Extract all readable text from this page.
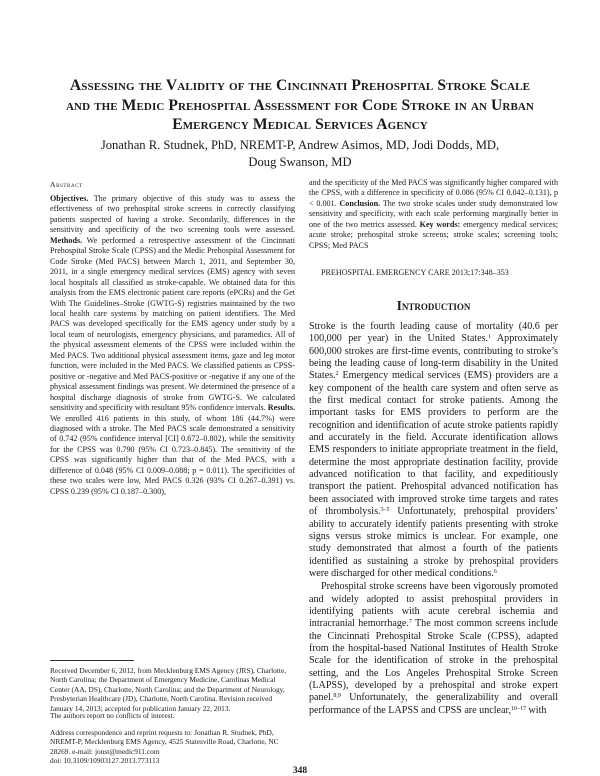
Assessing the Validity of the Cincinnati Prehospital Stroke Scale
and the Medic Prehospital Assessment for Code Stroke in an Urban
Emergency Medical Services Agency
Jonathan R. Studnek, PhD, NREMT-P, Andrew Asimos, MD, Jodi Dodds, MD,
Doug Swanson, MD
Abstract
Objectives. The primary objective of this study was to assess the effectiveness of two prehospital stroke screens in correctly classifying patients suspected of having a stroke. Secondarily, differences in the sensitivity and specificity of the two screening tools were assessed. Methods. We performed a retrospective assessment of the Cincinnati Prehospital Stroke Scale (CPSS) and the Medic Prehospital Assessment for Code Stroke (Med PACS) between March 1, 2011, and September 30, 2011, in a single emergency medical services (EMS) agency with seven local hospitals all classified as stroke-capable. We obtained data for this analysis from the EMS electronic patient care reports (ePCRs) and the Get With The Guidelines–Stroke (GWTG-S) registries maintained by the two local health care systems by matching on patient identifiers. The Med PACS was developed specifically for the EMS agency under study by a local team of neurologists, emergency physicians, and paramedics. All of the physical assessment elements of the CPSS were included within the Med PACS. Two additional physical assessment items, gaze and leg motor function, were included in the Med PACS. We classified patients as CPSS-positive or -negative and Med PACS-positive or -negative if any one of the physical assessment findings was present. We determined the presence of a hospital discharge diagnosis of stroke from GWTG-S. We calculated sensitivity and specificity with resultant 95% confidence intervals. Results. We enrolled 416 patients in this study, of whom 186 (44.7%) were diagnosed with a stroke. The Med PACS scale demonstrated a sensitivity of 0.742 (95% confidence interval [CI] 0.672–0.802), while the sensitivity for the CPSS was 0.790 (95% CI 0.723–0.845). The sensitivity of the CPSS was significantly higher than that of the Med PACS, with a difference of 0.048 (95% CI 0.009–0.088; p = 0.011). The specificities of these two scales were low, Med PACS 0.326 (93% CI 0.267–0.391) vs. CPSS 0.239 (95% CI 0.187–0.300),
and the specificity of the Med PACS was significantly higher compared with the CPSS, with a difference in specificity of 0.086 (95% CI 0.042–0.131), p < 0.001. Conclusion. The two stroke scales under study demonstrated low sensitivity and specificity, with each scale performing marginally better in one of the two metrics assessed. Key words: emergency medical services; acute stroke; prehospital stroke screens; stroke scales; screening tools; CPSS; Med PACS
PREHOSPITAL EMERGENCY CARE 2013;17:348–353
Introduction

Stroke is the fourth leading cause of mortality (40.6 per 100,000 per year) in the United States.$^1$ Approximately 600,000 strokes are first-time events, contributing to stroke’s being the leading cause of long-term disability in the United States.$^2$ Emergency medical services (EMS) providers are a key component of the health care system and often serve as the first medical contact for stroke patients. Among the important tasks for EMS providers to perform are the recognition and identification of acute stroke patients rapidly and accurately in the field. Accurate identification allows EMS responders to initiate appropriate treatment in the field, determine the most appropriate destination facility, provide advanced notification to that facility, and expeditiously transport the patient. Prehospital advanced notification has been associated with improved stroke time targets and rates of thrombolysis.$^{3-5}$ Unfortunately, prehospital providers’ ability to accurately identify patients presenting with stroke signs versus stroke mimics is unclear. For example, one study demonstrated that almost a fourth of the patients identified as sustaining a stroke by prehospital providers were discharged for other medical conditions.$^6$

Prehospital stroke screens have been vigorously promoted and widely adopted to assist prehospital providers in identifying patients with acute cerebral ischemia and intracranial hemorrhage.$^7$ The most common screens include the Cincinnati Prehospital Stroke Scale (CPSS), adapted from the hospital-based National Institutes of Health Stroke Scale for the identification of stroke in the prehospital setting, and the Los Angeles Prehospital Stroke Screen (LAPSS), developed by a prehospital and stroke expert panel.$^{8,9}$ Unfortunately, the generalizability and overall performance of the LAPSS and CPSS are unclear,$^{10-17}$ with

Received December 6, 2012, from Mecklenburg EMS Agency (JRS), Charlotte, North Carolina; the Department of Emergency Medicine, Carolinas Medical Center (AA, DS), Charlotte, North Carolina; and the Department of Neurology, Presbyterian Healthcare (JD), Charlotte, North Carolina. Revision received January 14, 2013; accepted for publication January 22, 2013.

The authors report no conflicts of interest.

Address correspondence and reprint requests to: Jonathan R. Studnek, PhD, NREMT-P, Mecklenburg EMS Agency, 4525 Statesville Road, Charlotte, NC 28269. e-mail: jonst@medic911.com

doi: 10.3109/10903127.2013.773113

348
